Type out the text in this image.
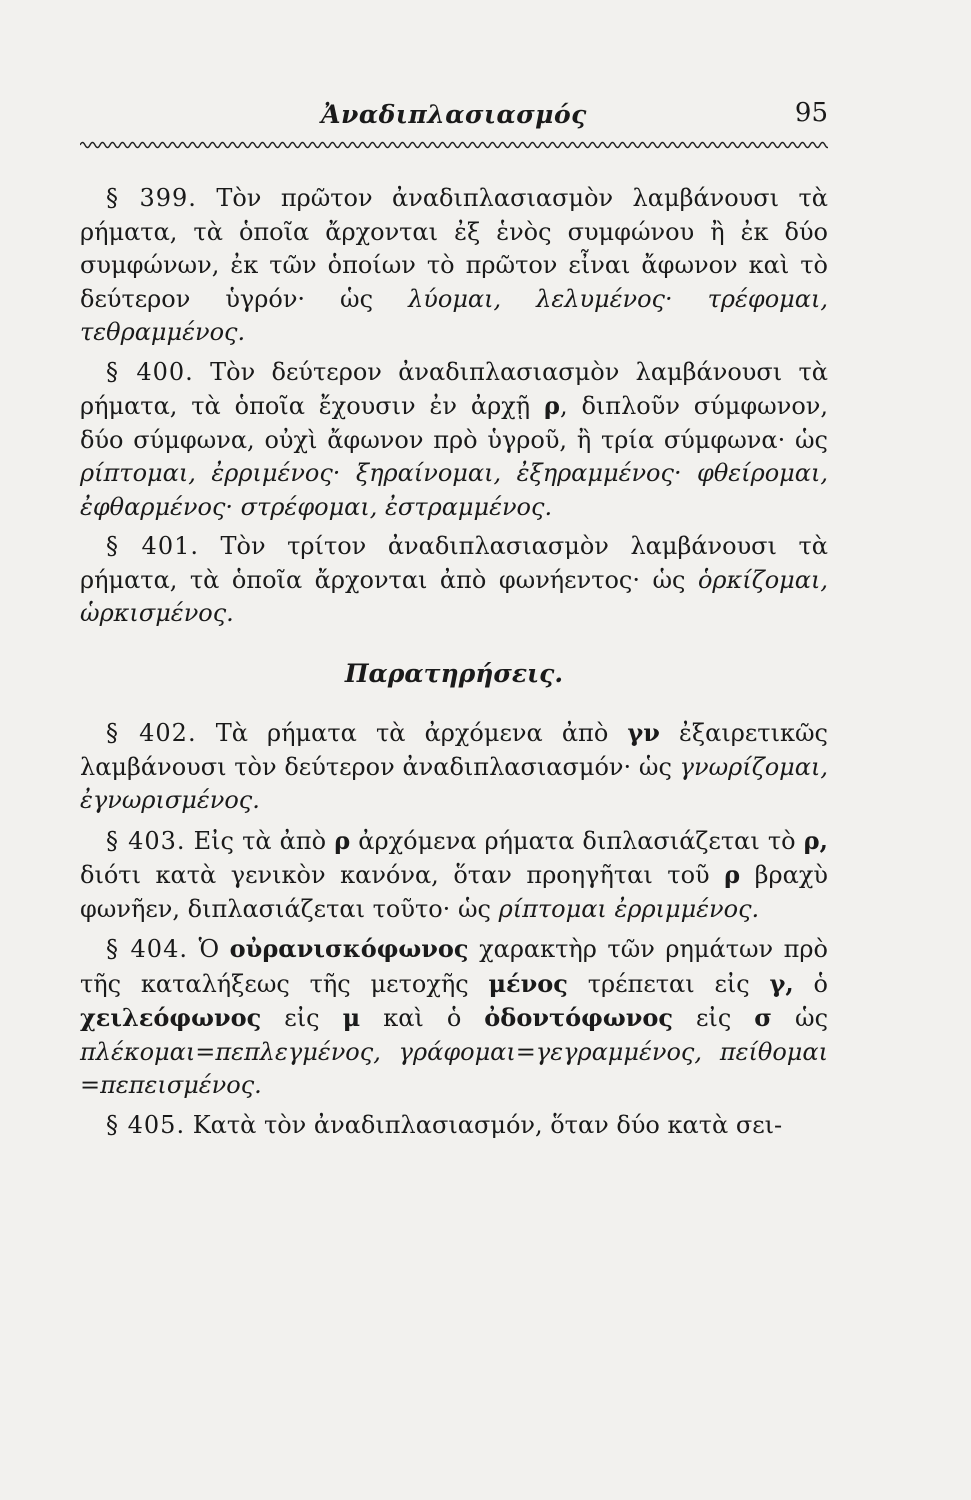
Ἀναδιπλασιασμός	95

§ 399. Τὸν πρῶτον ἀναδιπλασιασμὸν λαμβάνουσι τὰ ρήματα, τὰ ὁποῖα ἄρχονται ἐξ ἑνὸς συμφώνου ἢ ἐκ δύο συμφώνων, ἐκ τῶν ὁποίων τὸ πρῶτον εἶναι ἄφωνον καὶ τὸ δεύτερον ὑγρόν· ὡς λύομαι, λελυμένος· τρέφομαι, τεθραμμένος.

§ 400. Τὸν δεύτερον ἀναδιπλασιασμὸν λαμβάνουσι τὰ ρήματα, τὰ ὁποῖα ἔχουσιν ἐν ἀρχῇ ρ, διπλοῦν σύμφωνον, δύο σύμφωνα, οὐχὶ ἄφωνον πρὸ ὑγροῦ, ἢ τρία σύμφωνα· ὡς ρίπτομαι, ἐρριμένος· ξηραίνομαι, ἐξηραμμένος· φθείρομαι, ἐφθαρμένος· στρέφομαι, ἐστραμμένος.

§ 401. Τὸν τρίτον ἀναδιπλασιασμὸν λαμβάνουσι τὰ ρήματα, τὰ ὁποῖα ἄρχονται ἀπὸ φωνήεντος· ὡς ὁρκίζομαι, ὡρκισμένος.

Παρατηρήσεις.

§ 402. Τὰ ρήματα τὰ ἀρχόμενα ἀπὸ γν ἐξαιρετικῶς λαμβάνουσι τὸν δεύτερον ἀναδιπλασιασμόν· ὡς γνωρίζομαι, ἐγνωρισμένος.

§ 403. Εἰς τὰ ἀπὸ ρ ἀρχόμενα ρήματα διπλασιάζεται τὸ ρ, διότι κατὰ γενικὸν κανόνα, ὅταν προηγῆται τοῦ ρ βραχὺ φωνῆεν, διπλασιάζεται τοῦτο· ὡς ρίπτομαι ἐρριμμένος.

§ 404. Ὁ οὐρανισκόφωνος χαρακτὴρ τῶν ρημάτων πρὸ τῆς καταλήξεως τῆς μετοχῆς μένος τρέπεται εἰς γ, ὁ χειλεόφωνος εἰς μ καὶ ὁ ὀδοντόφωνος εἰς σ ὡς πλέκομαι=πεπλεγμένος, γράφομαι=γεγραμμένος, πείθομαι =πεπεισμένος.

§ 405. Κατὰ τὸν ἀναδιπλασιασμόν, ὅταν δύο κατὰ σει-
